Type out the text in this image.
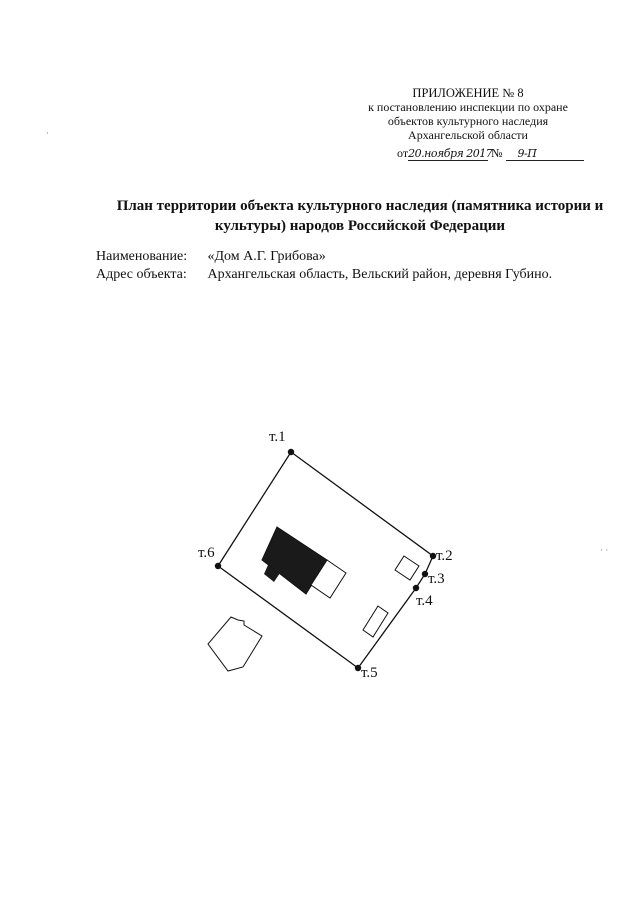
ПРИЛОЖЕНИЕ № 8
к постановлению инспекции по охране
объектов культурного наследия
Архангельской области
от20.ноября 2017 № 9-П
План территории объекта культурного наследия (памятника истории и культуры) народов Российской Федерации
Наименование: «Дом А.Г. Грибова»
Адрес объекта: Архангельская область, Вельский район, деревня Губино.
т.1
т.2
т.3
т.4
т.5
т.6	· ·
·
